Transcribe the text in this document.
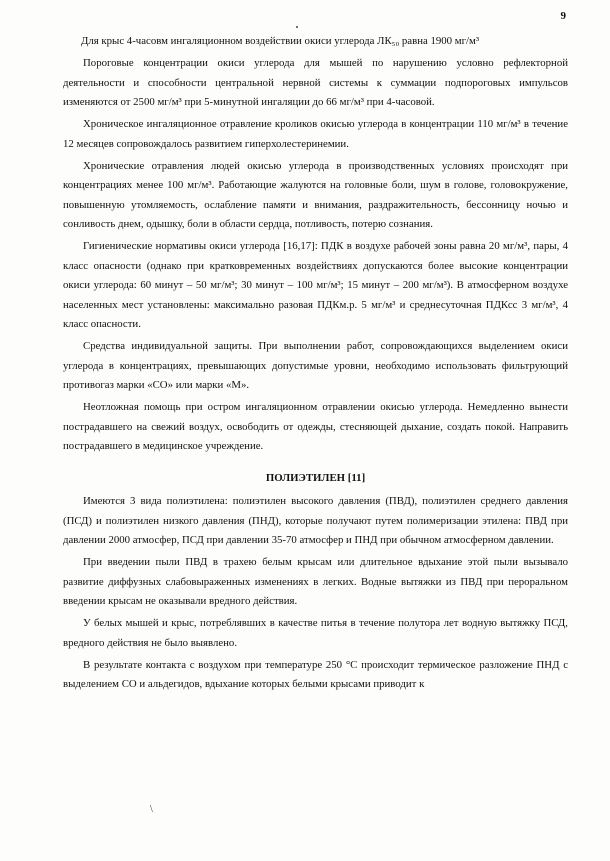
9

Для крыс 4-часовм ингаляционном воздействии окиси углерода ЛК₅₀ равна 1900 мг/м³

Пороговые концентрации окиси углерода для мышей по нарушению условно рефлекторной деятельности и способности центральной нервной системы к суммации подпороговых импульсов изменяются от 2500 мг/м³ при 5-минутной ингаляции до 66 мг/м³ при 4-часовой.

Хроническое ингаляционное отравление кроликов окисью углерода в концентрации 110 мг/м³ в течение 12 месяцев сопровождалось развитием гиперхолестеринемии.

Хронические отравления людей окисью углерода в производственных условиях происходят при концентрациях менее 100 мг/м³. Работающие жалуются на головные боли, шум в голове, головокружение, повышенную утомляемость, ослабление памяти и внимания, раздражительность, бессонницу ночью и сонливость днем, одышку, боли в области сердца, потливость, потерю сознания.

Гигиенические нормативы окиси углерода [16,17]: ПДК в воздухе рабочей зоны равна 20 мг/м³, пары, 4 класс опасности (однако при кратковременных воздействиях допускаются более высокие концентрации окиси углерода: 60 минут – 50 мг/м³; 30 минут – 100 мг/м³; 15 минут – 200 мг/м³). В атмосферном воздухе населенных мест установлены: максимально разовая ПДКм.р. 5 мг/м³ и среднесуточная ПДКсс 3 мг/м³, 4 класс опасности.

Средства индивидуальной защиты. При выполнении работ, сопровождающихся выделением окиси углерода в концентрациях, превышающих допустимые уровни, необходимо использовать фильтрующий противогаз марки «СО» или марки «М».

Неотложная помощь при остром ингаляционном отравлении окисью углерода. Немедленно вынести пострадавшего на свежий воздух, освободить от одежды, стесняющей дыхание, создать покой. Направить пострадавшего в медицинское учреждение.

ПОЛИЭТИЛЕН [11]

Имеются 3 вида полиэтилена: полиэтилен высокого давления (ПВД), полиэтилен среднего давления (ПСД) и полиэтилен низкого давления (ПНД), которые получают путем полимеризации этилена: ПВД при давлении 2000 атмосфер, ПСД при давлении 35-70 атмосфер и ПНД при обычном атмосферном давлении.

При введении пыли ПВД в трахею белым крысам или длительное вдыхание этой пыли вызывало развитие диффузных слабовыраженных изменениях в легких. Водные вытяжки из ПВД при пероральном введении крысам не оказывали вредного действия.

У белых мышей и крыс, потреблявших в качестве питья в течение полутора лет водную вытяжку ПСД, вредного действия не было выявлено.

В результате контакта с воздухом при температуре 250 °С происходит термическое разложение ПНД с выделением СО и альдегидов, вдыхание которых белыми крысами приводит к

\
